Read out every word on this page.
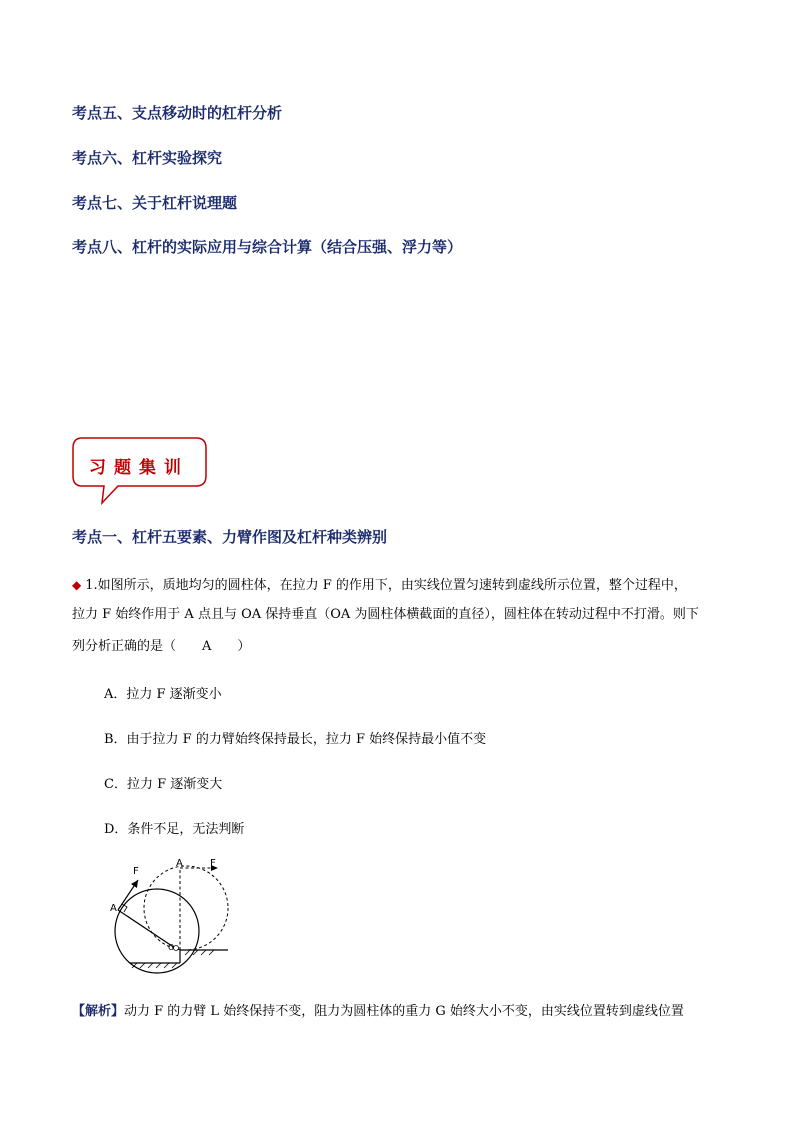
考点五、支点移动时的杠杆分析
考点六、杠杆实验探究
考点七、关于杠杆说理题
考点八、杠杆的实际应用与综合计算（结合压强、浮力等）
习题集训
考点一、杠杆五要素、力臂作图及杠杆种类辨别
◆ 1.如图所示，质地均匀的圆柱体，在拉力 F 的作用下，由实线位置匀速转到虚线所示位置，整个过程中，
拉力 F 始终作用于 A 点且与 OA 保持垂直（OA 为圆柱体横截面的直径），圆柱体在转动过程中不打滑。则下
列分析正确的是（　　A　　）
A．拉力 F 逐渐变小
B．由于拉力 F 的力臂始终保持最长，拉力 F 始终保持最小值不变
C．拉力 F 逐渐变大
D．条件不足，无法判断
F
A
A	F
O
【解析】动力 F 的力臂 L 始终保持不变，阻力为圆柱体的重力 G 始终大小不变，由实线位置转到虚线位置
